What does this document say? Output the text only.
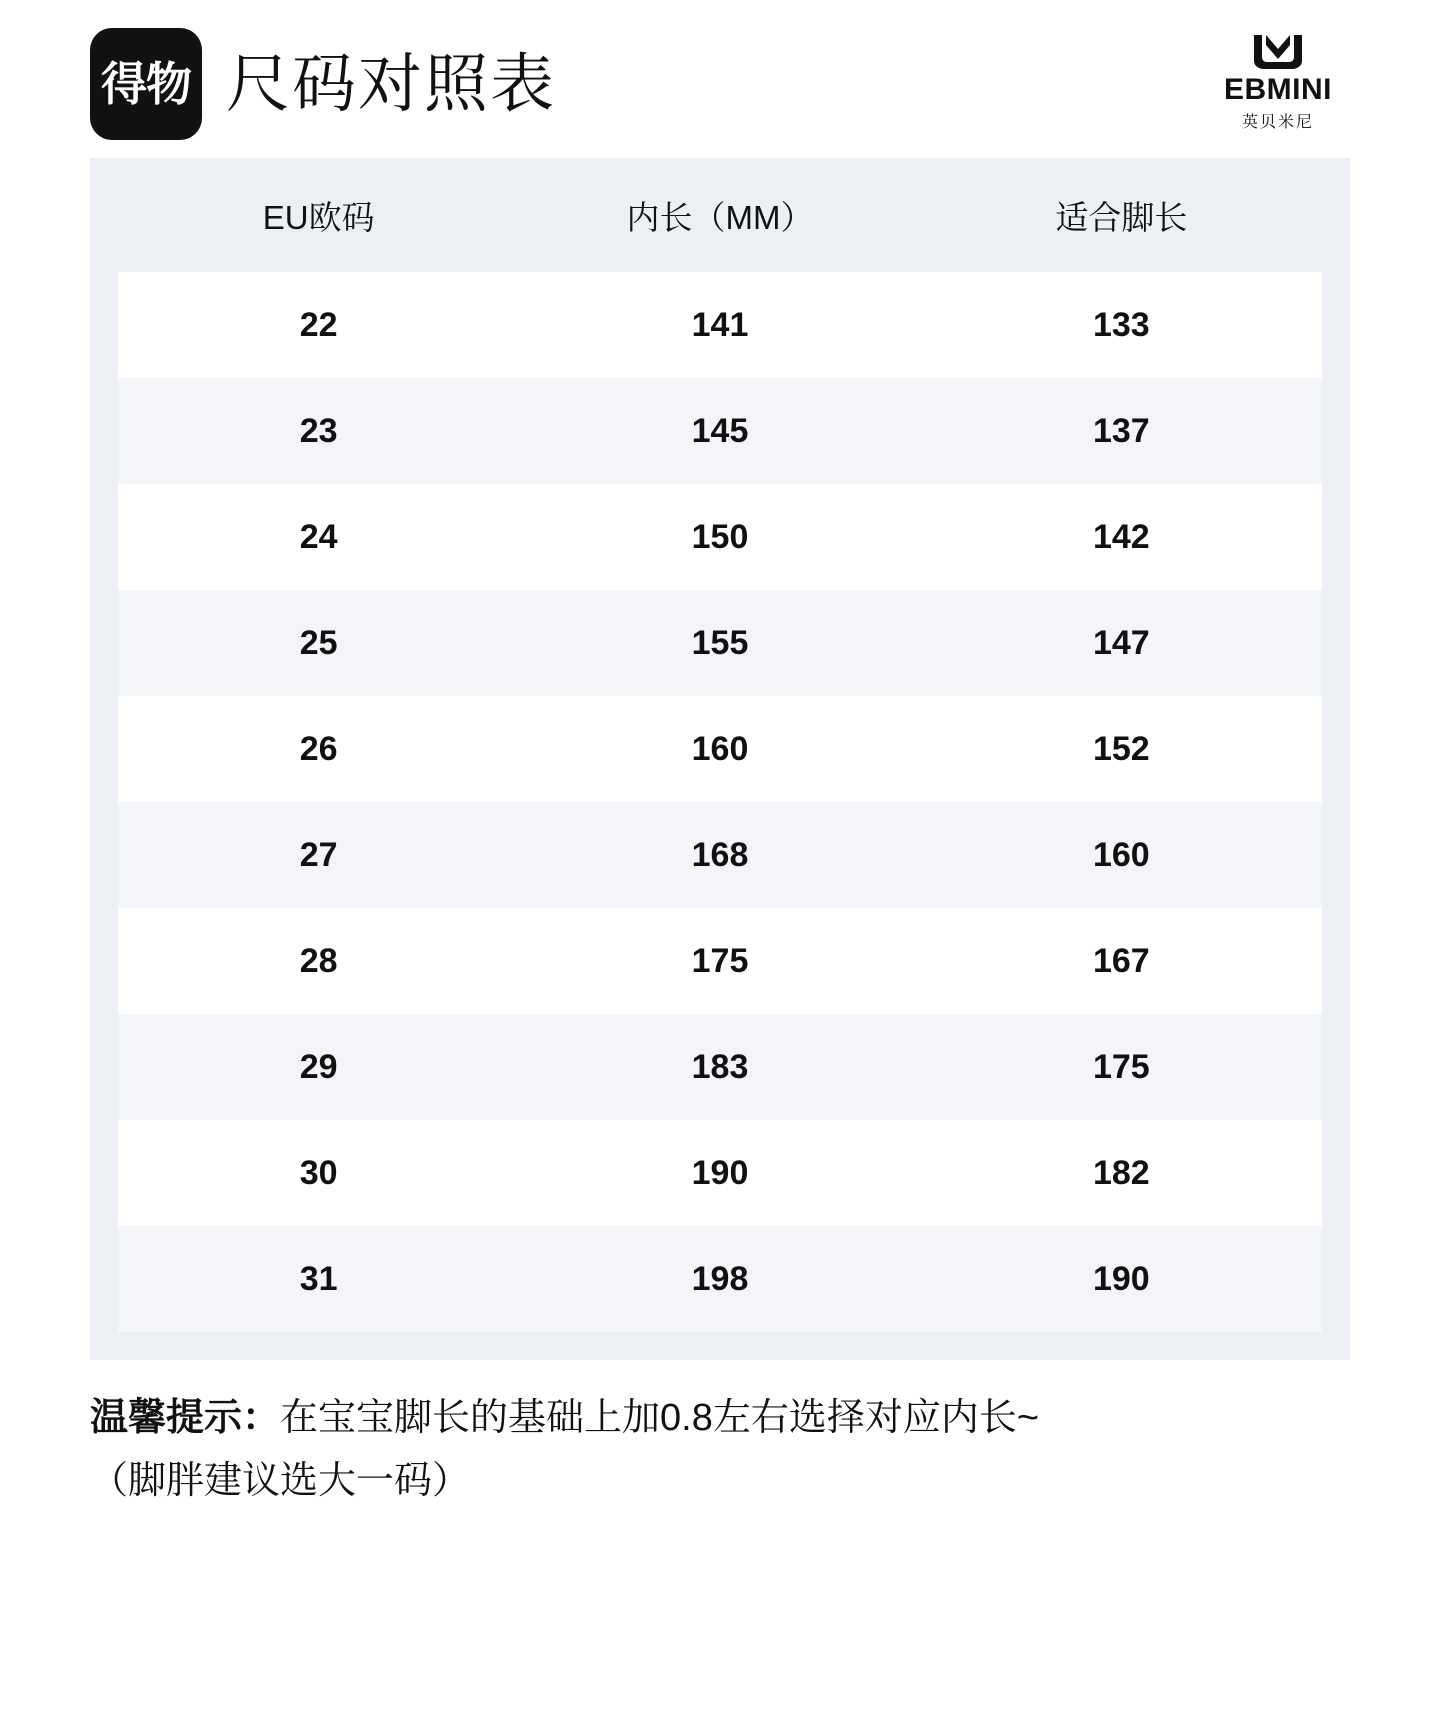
得物 尺码对照表	EBMINI
英贝米尼
EU欧码	内长（MM）	适合脚长
22	141	133
23	145	137
24	150	142
25	155	147
26	160	152
27	168	160
28	175	167
29	183	175
30	190	182
31	198	190
温馨提示：在宝宝脚长的基础上加0.8左右选择对应内长~
（脚胖建议选大一码）
